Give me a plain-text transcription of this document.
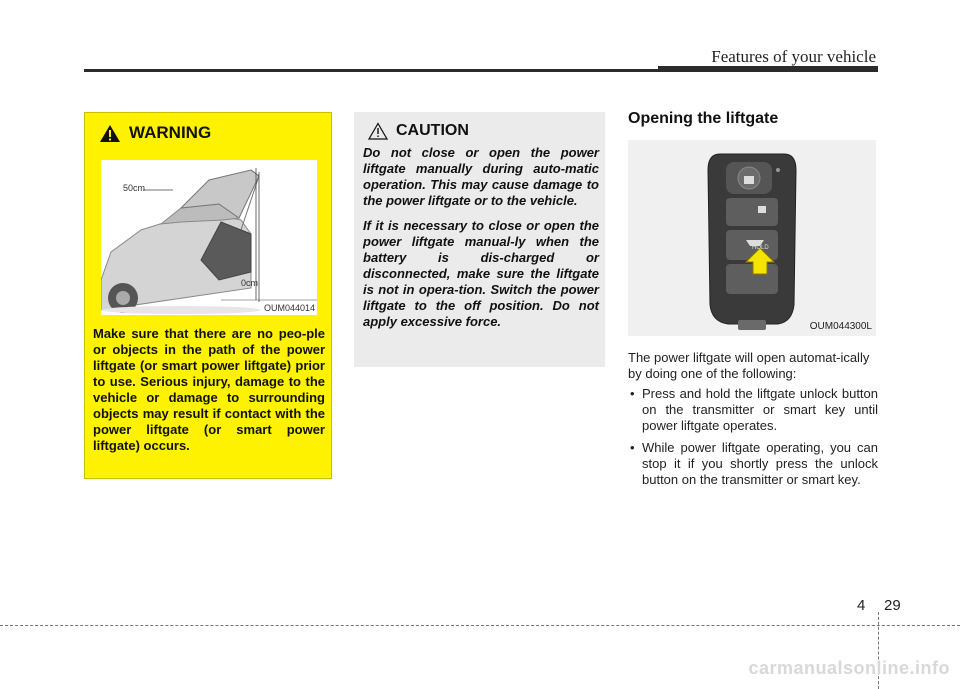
Features of your vehicle
WARNING
50cm
0cm
OUM044014
Make sure that there are no peo-ple or objects in the path of the power liftgate (or smart power liftgate) prior to use. Serious injury, damage to the vehicle or damage to surrounding objects may result if contact with the power liftgate (or smart power liftgate) occurs.
CAUTION

Do not close or open the power liftgate manually during auto-matic operation. This may cause damage to the power liftgate or to the vehicle.

If it is necessary to close or open the power liftgate manual-ly when the battery is dis-charged or disconnected, make sure the liftgate is not in opera-tion. Switch the power liftgate to the off position. Do not apply excessive force.

Opening the liftgate
HOLD
OUM044300L
The power liftgate will open automat-ically by doing one of the following:
• Press and hold the liftgate unlock button on the transmitter or smart key until power liftgate operates.
• While power liftgate operating, you can stop it if you shortly press the unlock button on the transmitter or smart key.
4 29
carmanualsonline.info
